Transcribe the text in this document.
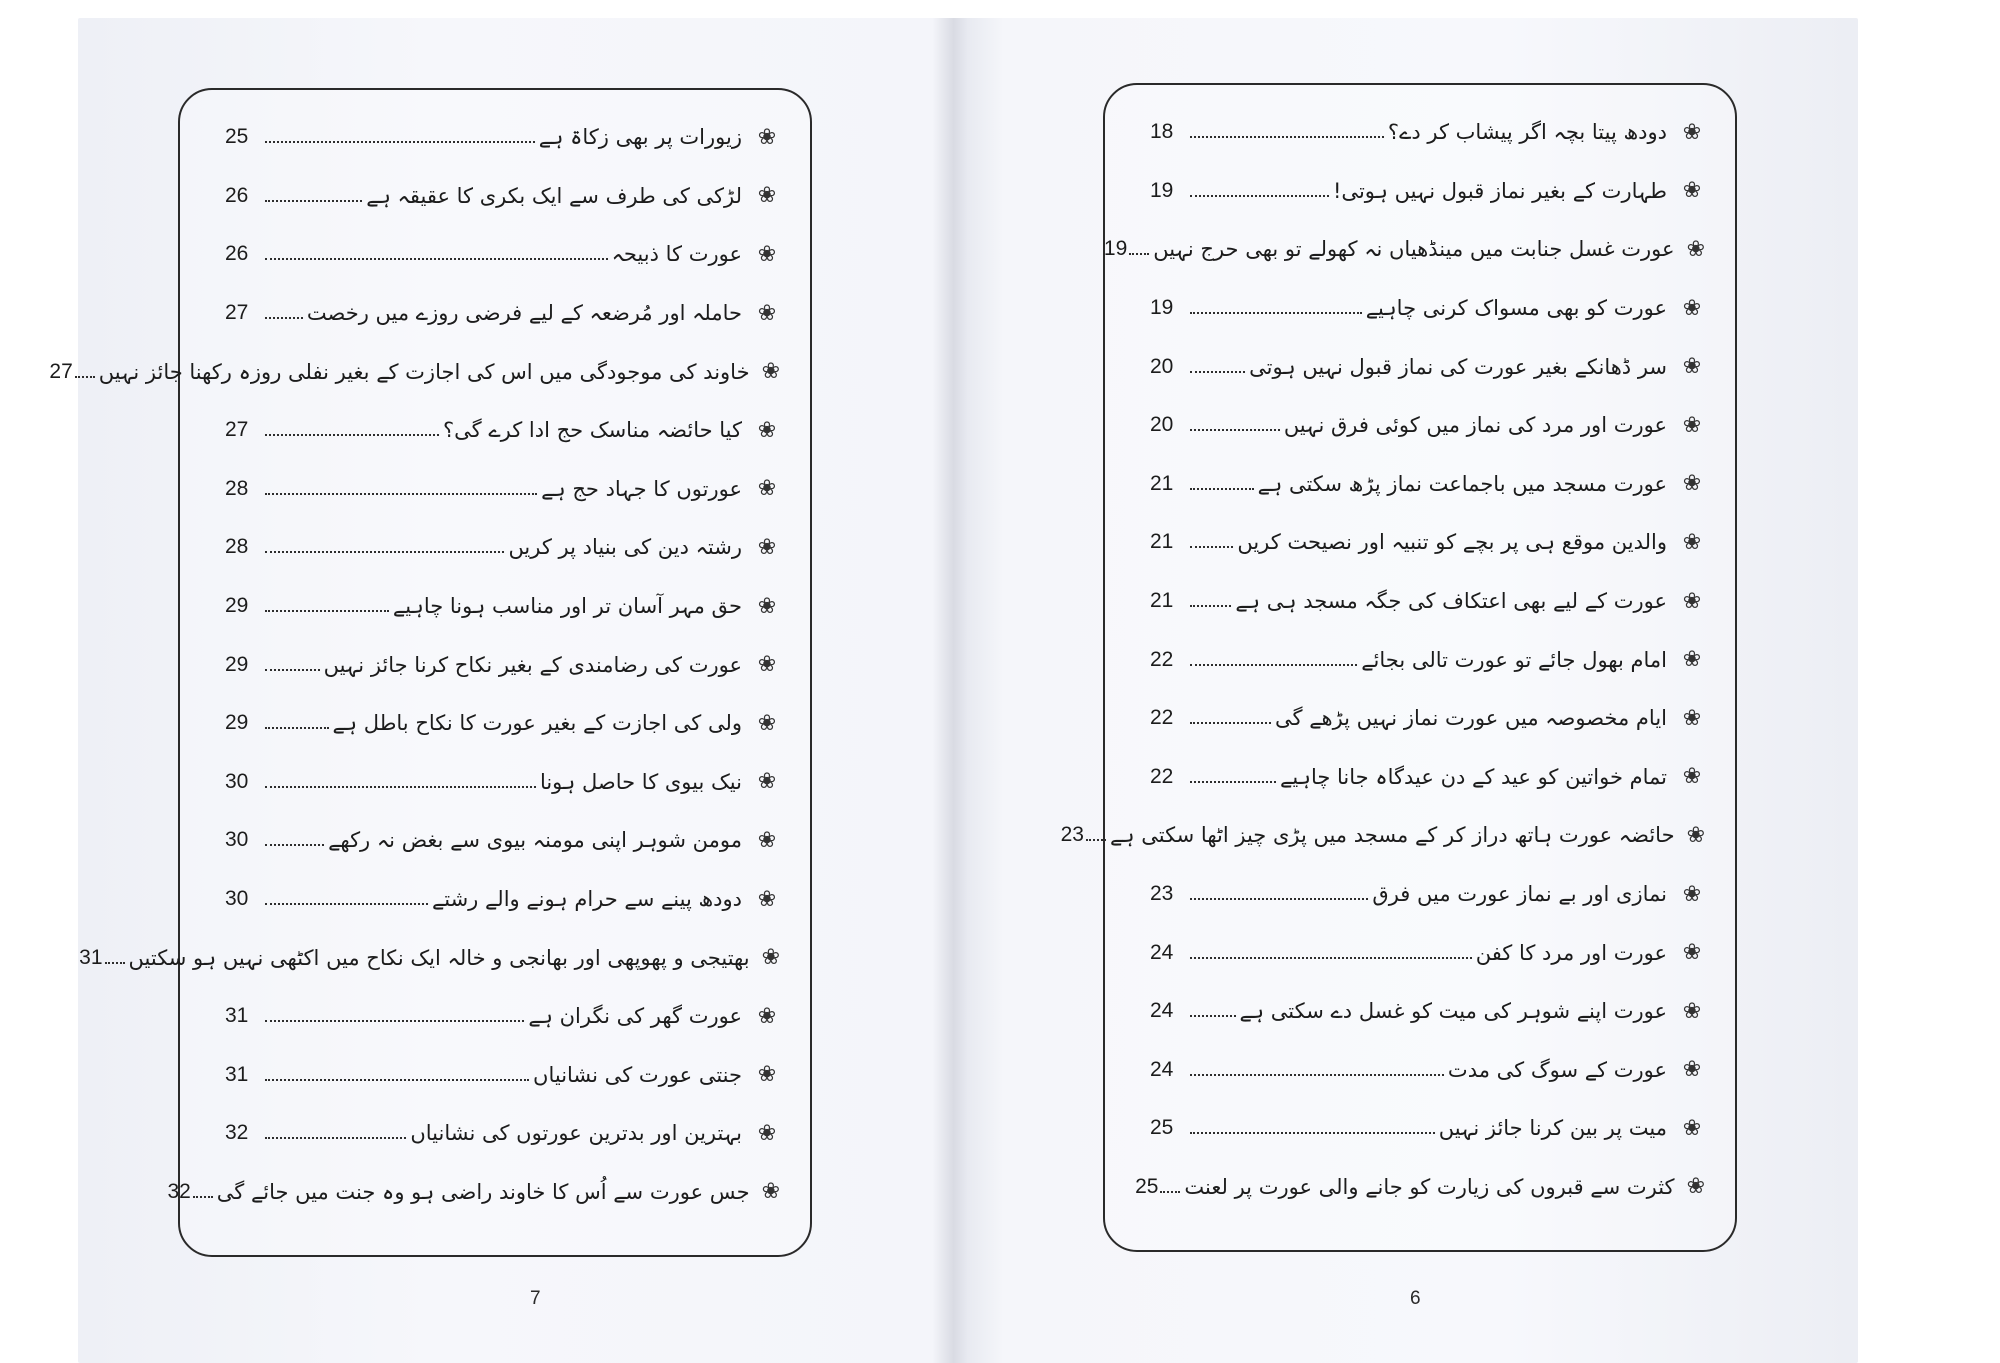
❀
زیورات پر بھی زکاۃ ہے
25
❀
لڑکی کی طرف سے ایک بکری کا عقیقہ ہے
26
❀
عورت کا ذبیحہ
26
❀
حاملہ اور مُرضعہ کے لیے فرضی روزے میں رخصت
27
❀
خاوند کی موجودگی میں اس کی اجازت کے بغیر نفلی روزہ رکھنا جائز نہیں
27
❀
کیا حائضہ مناسک حج ادا کرے گی؟
27
❀
عورتوں کا جہاد حج ہے
28
❀
رشتہ دین کی بنیاد پر کریں
28
❀
حق مہر آسان تر اور مناسب ہونا چاہیے
29
❀
عورت کی رضامندی کے بغیر نکاح کرنا جائز نہیں
29
❀
ولی کی اجازت کے بغیر عورت کا نکاح باطل ہے
29
❀
نیک بیوی کا حاصل ہونا
30
❀
مومن شوہر اپنی مومنہ بیوی سے بغض نہ رکھے
30
❀
دودھ پینے سے حرام ہونے والے رشتے
30
❀
بھتیجی و پھوپھی اور بھانجی و خالہ ایک نکاح میں اکٹھی نہیں ہو سکتیں
31
❀
عورت گھر کی نگران ہے
31
❀
جنتی عورت کی نشانیاں
31
❀
بہترین اور بدترین عورتوں کی نشانیاں
32
❀
جس عورت سے اُس کا خاوند راضی ہو وہ جنت میں جائے گی
32
7
❀
دودھ پیتا بچہ اگر پیشاب کر دے؟
18
❀
طہارت کے بغیر نماز قبول نہیں ہوتی!
19
❀
عورت غسل جنابت میں مینڈھیاں نہ کھولے تو بھی حرج نہیں
19
❀
عورت کو بھی مسواک کرنی چاہیے
19
❀
سر ڈھانکے بغیر عورت کی نماز قبول نہیں ہوتی
20
❀
عورت اور مرد کی نماز میں کوئی فرق نہیں
20
❀
عورت مسجد میں باجماعت نماز پڑھ سکتی ہے
21
❀
والدین موقع ہی پر بچے کو تنبیہ اور نصیحت کریں
21
❀
عورت کے لیے بھی اعتکاف کی جگہ مسجد ہی ہے
21
❀
امام بھول جائے تو عورت تالی بجائے
22
❀
ایام مخصوصہ میں عورت نماز نہیں پڑھے گی
22
❀
تمام خواتین کو عید کے دن عیدگاہ جانا چاہیے
22
❀
حائضہ عورت ہاتھ دراز کر کے مسجد میں پڑی چیز اٹھا سکتی ہے
23
❀
نمازی اور بے نماز عورت میں فرق
23
❀
عورت اور مرد کا کفن
24
❀
عورت اپنے شوہر کی میت کو غسل دے سکتی ہے
24
❀
عورت کے سوگ کی مدت
24
❀
میت پر بین کرنا جائز نہیں
25
❀
کثرت سے قبروں کی زیارت کو جانے والی عورت پر لعنت
25
6
